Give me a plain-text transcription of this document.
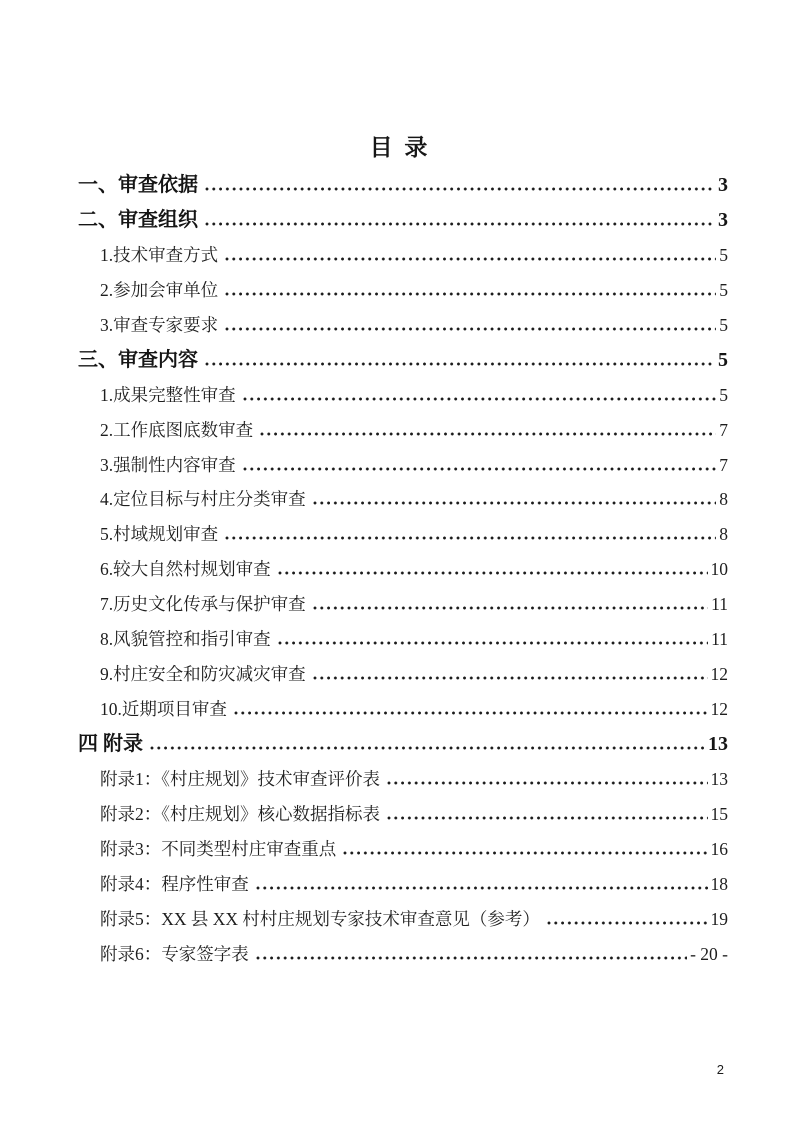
目 录
一、审查依据	3
二、审查组织	3
1.技术审查方式	5
2.参加会审单位	5
3.审查专家要求	5
三、审查内容	5
1.成果完整性审查	5
2.工作底图底数审查	7
3.强制性内容审查	7
4.定位目标与村庄分类审查	8
5.村域规划审查	8
6.较大自然村规划审查	10
7.历史文化传承与保护审查	11
8.风貌管控和指引审查	11
9.村庄安全和防灾减灾审查	12
10.近期项目审查	12
四 附录	13
附录1：《村庄规划》技术审查评价表	13
附录2：《村庄规划》核心数据指标表	15
附录3：不同类型村庄审查重点	16
附录4：程序性审查	18
附录5：XX 县 XX 村村庄规划专家技术审查意见（参考）	19
附录6：专家签字表	- 20 -
2
